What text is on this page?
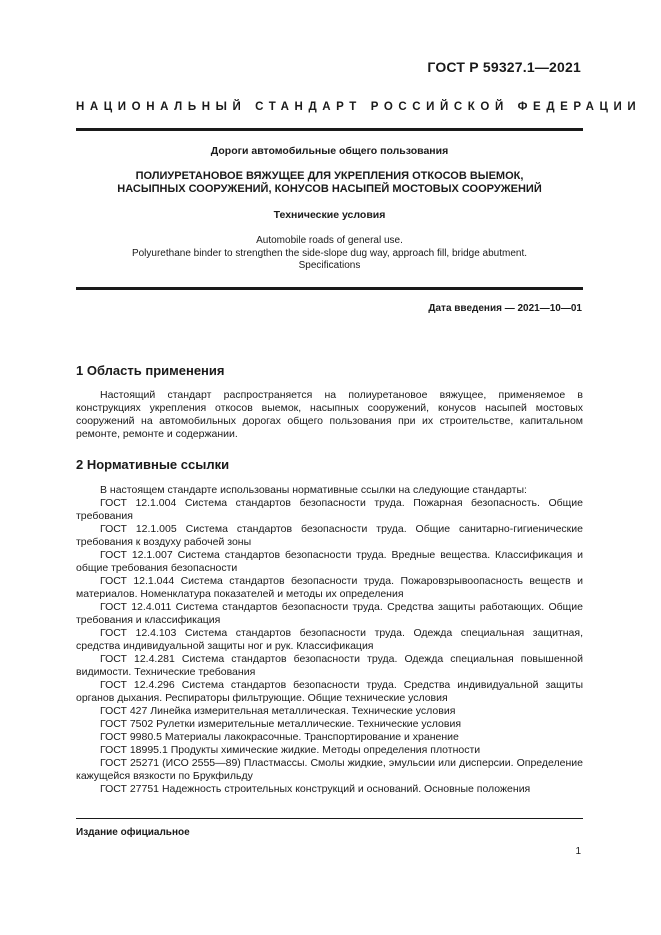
ГОСТ Р 59327.1—2021
НАЦИОНАЛЬНЫЙ СТАНДАРТ РОССИЙСКОЙ ФЕДЕРАЦИИ
Дороги автомобильные общего пользования
ПОЛИУРЕТАНОВОЕ ВЯЖУЩЕЕ ДЛЯ УКРЕПЛЕНИЯ ОТКОСОВ ВЫЕМОК,
НАСЫПНЫХ СООРУЖЕНИЙ, КОНУСОВ НАСЫПЕЙ МОСТОВЫХ СООРУЖЕНИЙ
Технические условия
Automobile roads of general use.
Polyurethane binder to strengthen the side-slope dug way, approach fill, bridge abutment.
Specifications
Дата введения — 2021—10—01
1 Область применения

Настоящий стандарт распространяется на полиуретановое вяжущее, применяемое в конструкциях укрепления откосов выемок, насыпных сооружений, конусов насыпей мостовых сооружений на автомобильных дорогах общего пользования при их строительстве, капитальном ремонте, ремонте и содержании.

2 Нормативные ссылки

В настоящем стандарте использованы нормативные ссылки на следующие стандарты:

ГОСТ 12.1.004 Система стандартов безопасности труда. Пожарная безопасность. Общие требования

ГОСТ 12.1.005 Система стандартов безопасности труда. Общие санитарно-гигиенические требования к воздуху рабочей зоны

ГОСТ 12.1.007 Система стандартов безопасности труда. Вредные вещества. Классификация и общие требования безопасности

ГОСТ 12.1.044 Система стандартов безопасности труда. Пожаровзрывоопасность веществ и материалов. Номенклатура показателей и методы их определения

ГОСТ 12.4.011 Система стандартов безопасности труда. Средства защиты работающих. Общие требования и классификация

ГОСТ 12.4.103 Система стандартов безопасности труда. Одежда специальная защитная, средства индивидуальной защиты ног и рук. Классификация

ГОСТ 12.4.281 Система стандартов безопасности труда. Одежда специальная повышенной видимости. Технические требования

ГОСТ 12.4.296 Система стандартов безопасности труда. Средства индивидуальной защиты органов дыхания. Респираторы фильтрующие. Общие технические условия

ГОСТ 427 Линейка измерительная металлическая. Технические условия

ГОСТ 7502 Рулетки измерительные металлические. Технические условия

ГОСТ 9980.5 Материалы лакокрасочные. Транспортирование и хранение

ГОСТ 18995.1 Продукты химические жидкие. Методы определения плотности

ГОСТ 25271 (ИСО 2555—89) Пластмассы. Смолы жидкие, эмульсии или дисперсии. Определение кажущейся вязкости по Брукфильду

ГОСТ 27751 Надежность строительных конструкций и оснований. Основные положения

Издание официальное
1
